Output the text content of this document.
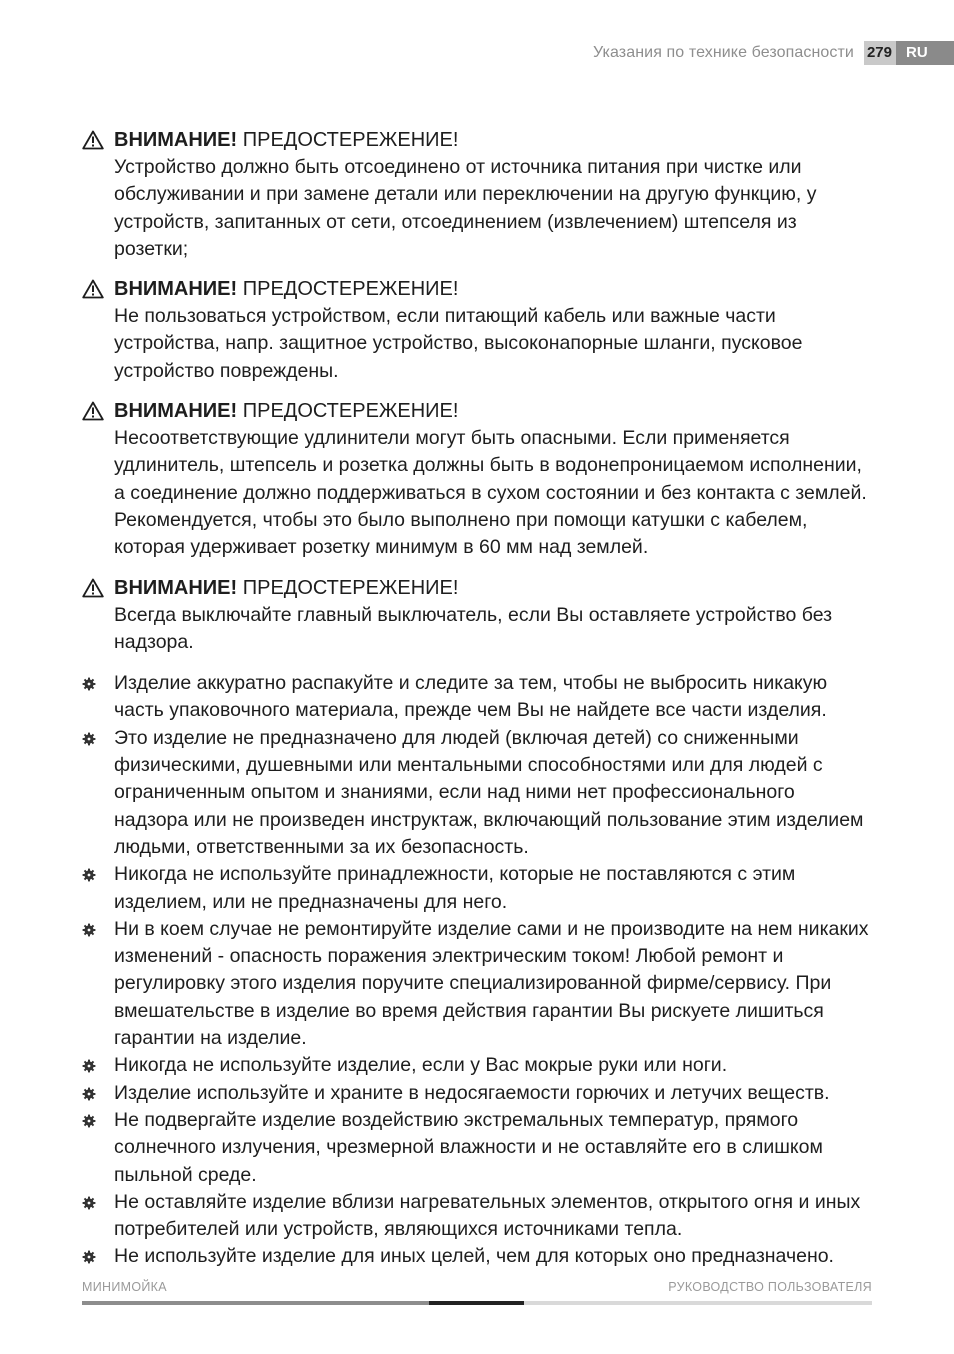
Указания по технике безопасности 279 RU
ВНИМАНИЕ! ПРЕДОСТЕРЕЖЕНИЕ!

Устройство должно быть отсоединено от источника питания при чистке или обслуживании и при замене детали или переключении на другую функцию, у устройств, запитанных от сети, отсоединением (извлечением) штепселя из розетки;

ВНИМАНИЕ! ПРЕДОСТЕРЕЖЕНИЕ!

Не пользоваться устройством, если питающий кабель или важные части устройства, напр. защитное устройство, высоконапорные шланги, пусковое устройство повреждены.

ВНИМАНИЕ! ПРЕДОСТЕРЕЖЕНИЕ!

Несоответствующие удлинители могут быть опасными. Если применяется удлинитель, штепсель и розетка должны быть в водонепроницаемом исполнении, а соединение должно поддерживаться в сухом состоянии и без контакта с землей. Рекомендуется, чтобы это было выполнено при помощи катушки с кабелем, которая удерживает розетку минимум в 60 мм над землей.

ВНИМАНИЕ! ПРЕДОСТЕРЕЖЕНИЕ!

Всегда выключайте главный выключатель, если Вы оставляете устройство без надзора.

Изделие аккуратно распакуйте и следите за тем, чтобы не выбросить никакую часть упаковочного материала, прежде чем Вы не найдете все части изделия.
Это изделие не предназначено для людей (включая детей) со сниженными физическими, душевными или ментальными способностями или для людей с ограниченным опытом и знаниями, если над ними нет профессионального надзора или не произведен инструктаж, включающий пользование этим изделием людьми, ответственными за их безопасность.
Никогда не используйте принадлежности, которые не поставляются с этим изделием, или не предназначены для него.
Ни в коем случае не ремонтируйте изделие сами и не производите на нем никаких изменений - опасность поражения электрическим током! Любой ремонт и регулировку этого изделия поручите специализированной фирме/сервису. При вмешательстве в изделие во время действия гарантии Вы рискуете лишиться гарантии на изделие.
Никогда не используйте изделие, если у Вас мокрые руки или ноги.
Изделие используйте и храните в недосягаемости горючих и летучих веществ.
Не подвергайте изделие воздействию экстремальных температур, прямого солнечного излучения, чрезмерной влажности и не оставляйте его в слишком пыльной среде.
Не оставляйте изделие вблизи нагревательных элементов, открытого огня и иных потребителей или устройств, являющихся источниками тепла.
Не используйте изделие для иных целей, чем для которых оно предназначено.
МИНИМОЙКА	РУКОВОДСТВО ПОЛЬЗОВАТЕЛЯ
